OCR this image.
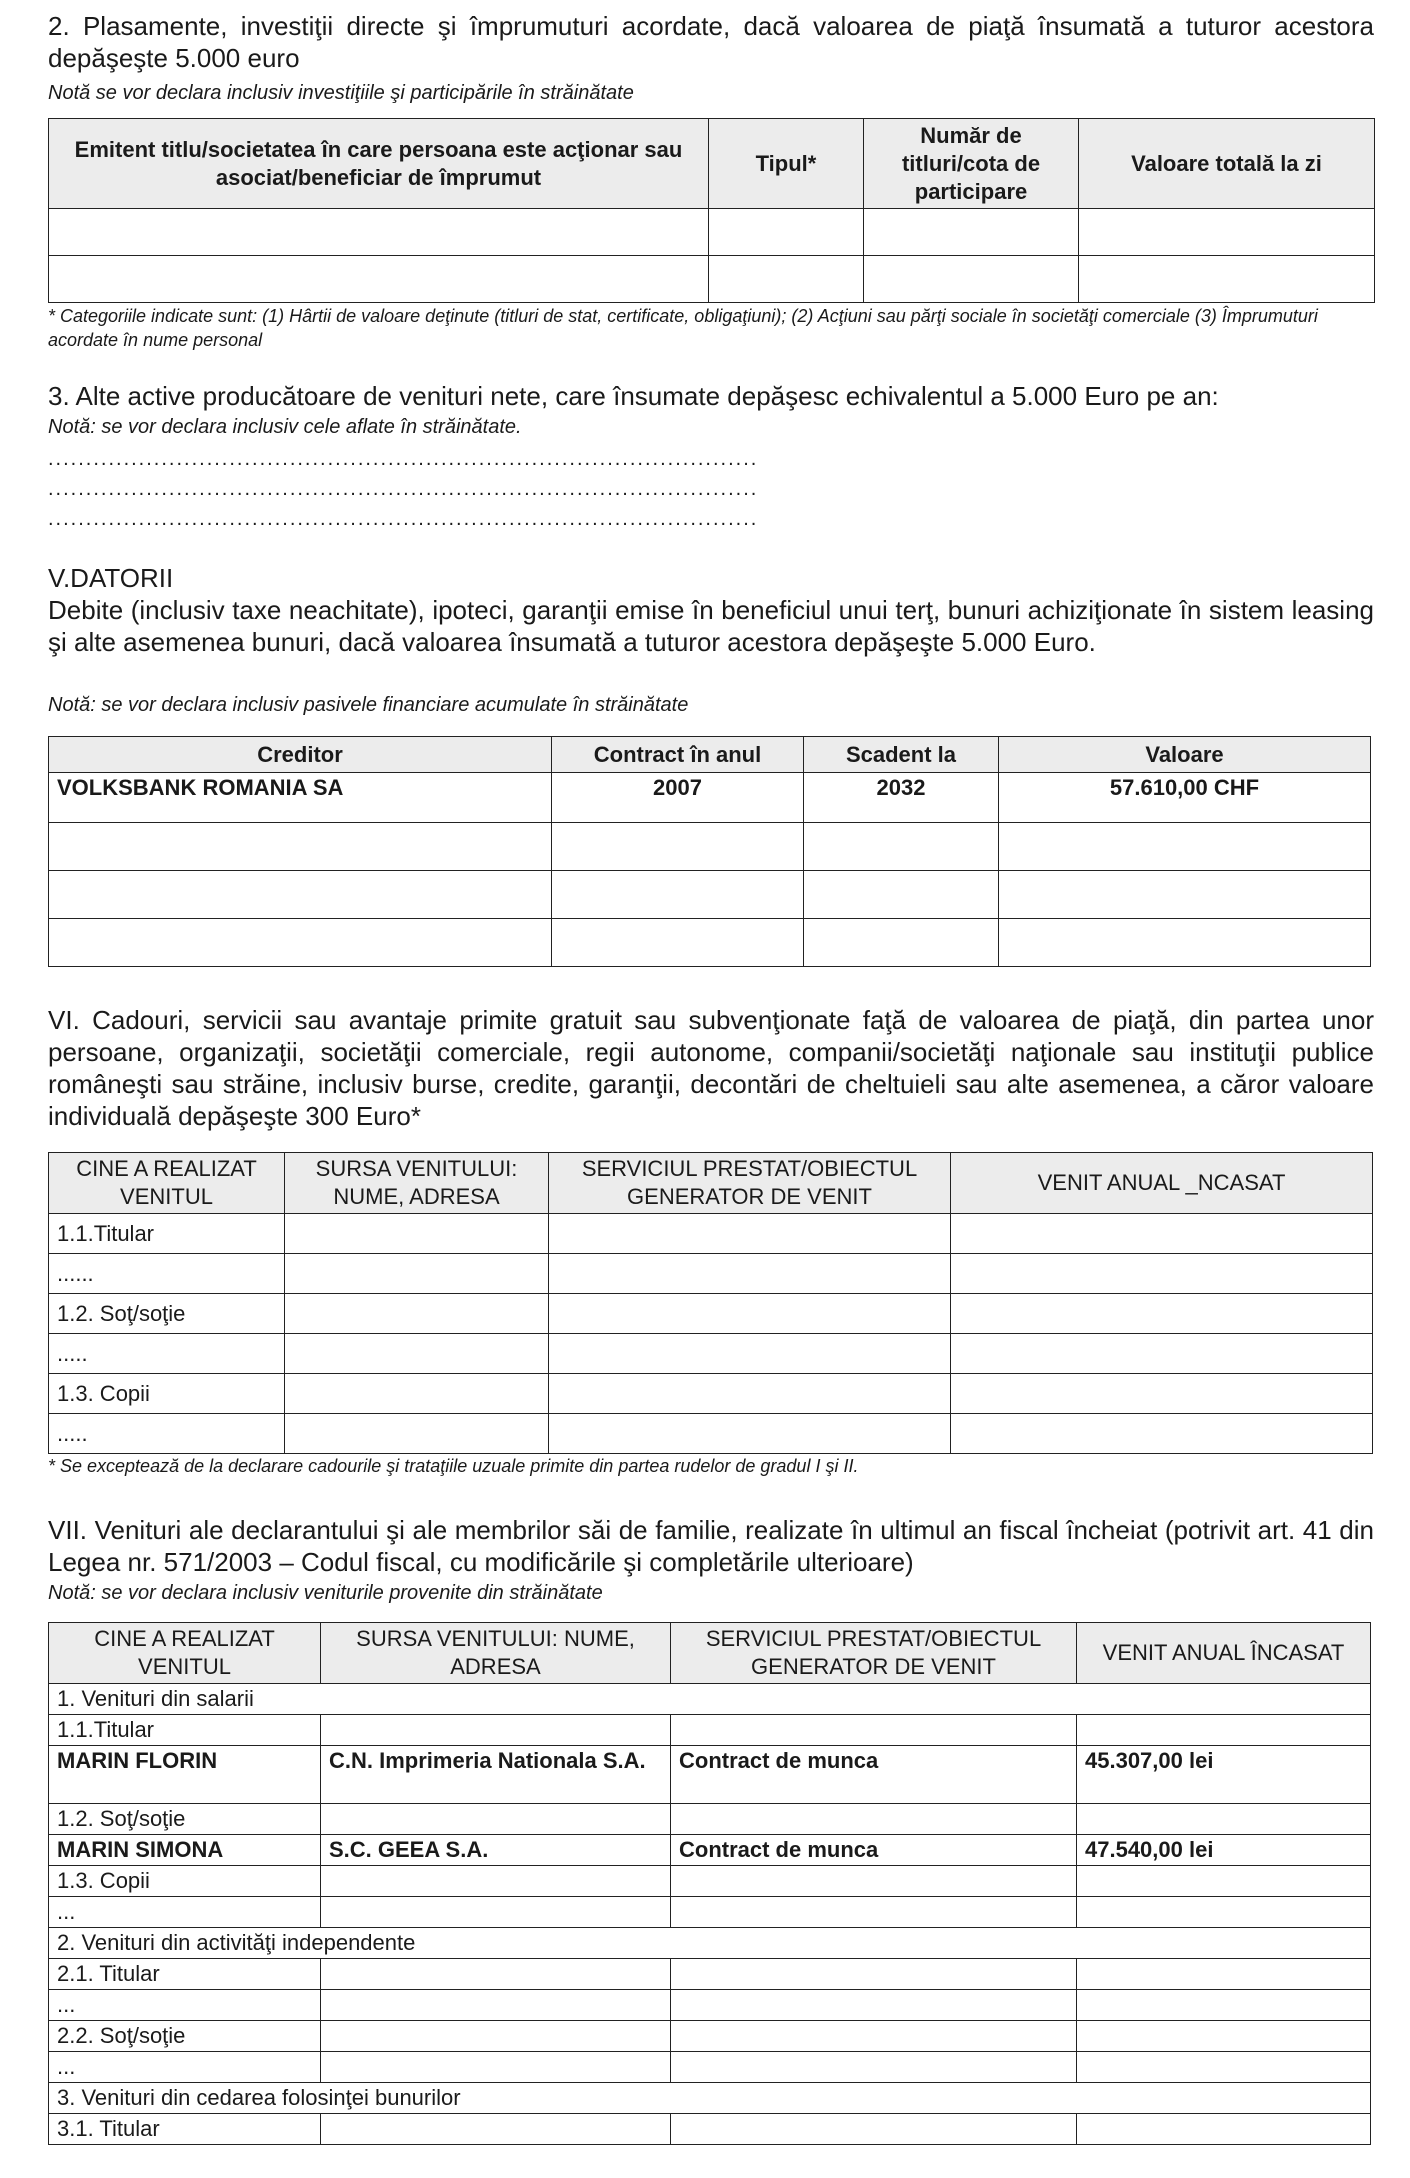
2. Plasamente, investiţii directe şi împrumuturi acordate, dacă valoarea de piaţă însumată a tuturor acestora depăşeşte 5.000 euro
Notă se vor declara inclusiv investiţiile şi participările în străinătate
Emitent titlu/societatea în care persoana este acţionar sau asociat/beneficiar de împrumut	Tipul*	Număr de titluri/cota de participare	Valoare totală la zi

* Categoriile indicate sunt: (1) Hârtii de valoare deţinute (titluri de stat, certificate, obligaţiuni); (2) Acţiuni sau părţi sociale în societăţi comerciale (3) Împrumuturi acordate în nume personal
3. Alte active producătoare de venituri nete, care însumate depăşesc echivalentul a 5.000 Euro pe an:
Notă: se vor declara inclusiv cele aflate în străinătate.
..............................................................................................
..............................................................................................
..............................................................................................
V.DATORII
Debite (inclusiv taxe neachitate), ipoteci, garanţii emise în beneficiul unui terţ, bunuri achiziţionate în sistem leasing şi alte asemenea bunuri, dacă valoarea însumată a tuturor acestora depăşeşte 5.000 Euro.
Notă: se vor declara inclusiv pasivele financiare acumulate în străinătate
Creditor	Contract în anul	Scadent la	Valoare
VOLKSBANK ROMANIA SA	2007	2032	57.610,00 CHF

VI. Cadouri, servicii sau avantaje primite gratuit sau subvenţionate faţă de valoarea de piaţă, din partea unor persoane, organizaţii, societăţii comerciale, regii autonome, companii/societăţi naţionale sau instituţii publice româneşti sau străine, inclusiv burse, credite, garanţii, decontări de cheltuieli sau alte asemenea, a căror valoare individuală depăşeşte 300 Euro*
CINE A REALIZAT VENITUL	SURSA VENITULUI: NUME, ADRESA	SERVICIUL PRESTAT/OBIECTUL GENERATOR DE VENIT	VENIT ANUAL _NCASAT
1.1.Titular			
......			
1.2. Soţ/soţie			
.....			
1.3. Copii			
.....			
* Se exceptează de la declarare cadourile şi trataţiile uzuale primite din partea rudelor de gradul I şi II.
VII. Venituri ale declarantului şi ale membrilor săi de familie, realizate în ultimul an fiscal încheiat (potrivit art. 41 din Legea nr. 571/2003 – Codul fiscal, cu modificările şi completările ulterioare)
Notă: se vor declara inclusiv veniturile provenite din străinătate
CINE A REALIZAT VENITUL	SURSA VENITULUI: NUME, ADRESA	SERVICIUL PRESTAT/OBIECTUL GENERATOR DE VENIT	VENIT ANUAL ÎNCASAT
1. Venituri din salarii			
1.1.Titular			
MARIN FLORIN	C.N. Imprimeria Nationala S.A.	Contract de munca	45.307,00 lei
1.2. Soţ/soţie			
MARIN SIMONA	S.C. GEEA S.A.	Contract de munca	47.540,00 lei
1.3. Copii			
...			
2. Venituri din activităţi independente			
2.1. Titular			
...			
2.2. Soţ/soţie			
...			
3. Venituri din cedarea folosinţei bunurilor			
3.1. Titular			
